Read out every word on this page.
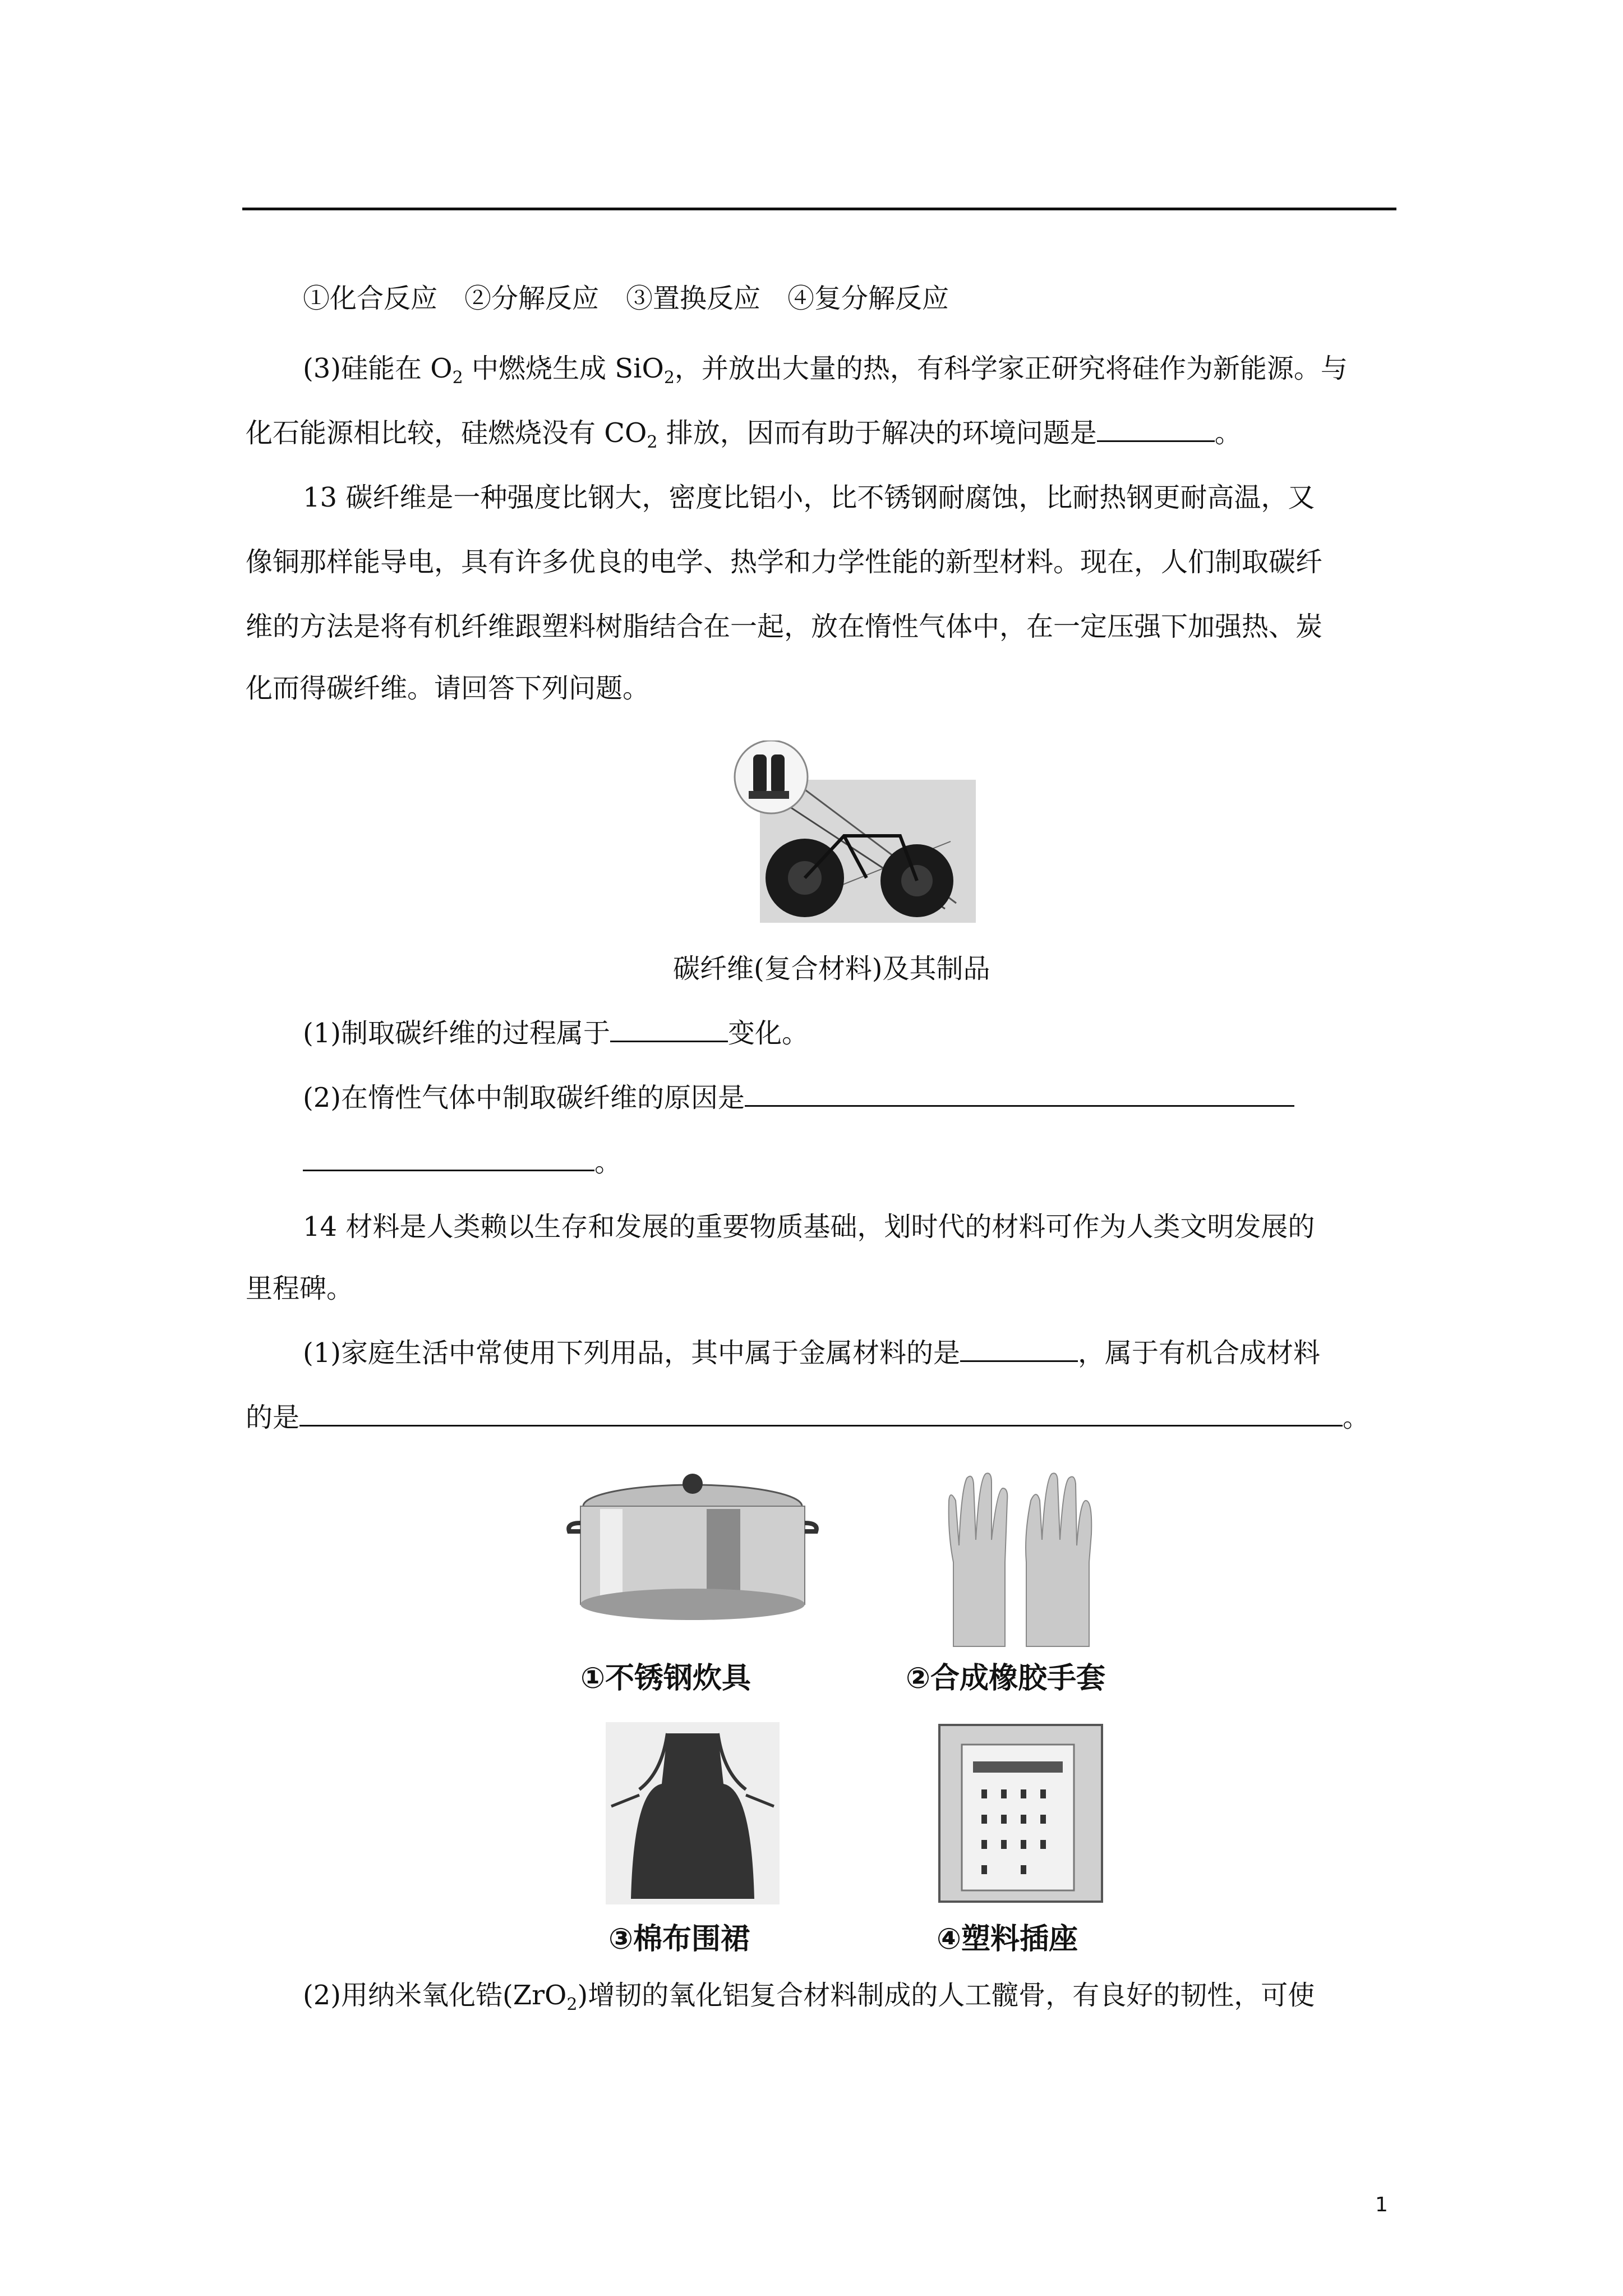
①化合反应　②分解反应　③置换反应　④复分解反应
(3)硅能在 $O_2$ 中燃烧生成 SiO$_2$，并放出大量的热，有科学家正研究将硅作为新能源。与
化石能源相比较，硅燃烧没有 $CO_2$ 排放，因而有助于解决的环境问题是	。
13 碳纤维是一种强度比钢大，密度比铝小，比不锈钢耐腐蚀，比耐热钢更耐高温，又
像铜那样能导电，具有许多优良的电学、热学和力学性能的新型材料。现在，人们制取碳纤
维的方法是将有机纤维跟塑料树脂结合在一起，放在惰性气体中，在一定压强下加强热、炭
化而得碳纤维。请回答下列问题。
碳纤维(复合材料)及其制品
(1)制取碳纤维的过程属于	变化。
(2)在惰性气体中制取碳纤维的原因是
。
14 材料是人类赖以生存和发展的重要物质基础，划时代的材料可作为人类文明发展的
里程碑。
(1)家庭生活中常使用下列用品，其中属于金属材料的是	，属于有机合成材料
的是	。
①不锈钢炊具	②合成橡胶手套
③棉布围裙	④塑料插座
(2)用纳米氧化锆(ZrO$_2$)增韧的氧化铝复合材料制成的人工髋骨，有良好的韧性，可使
1
